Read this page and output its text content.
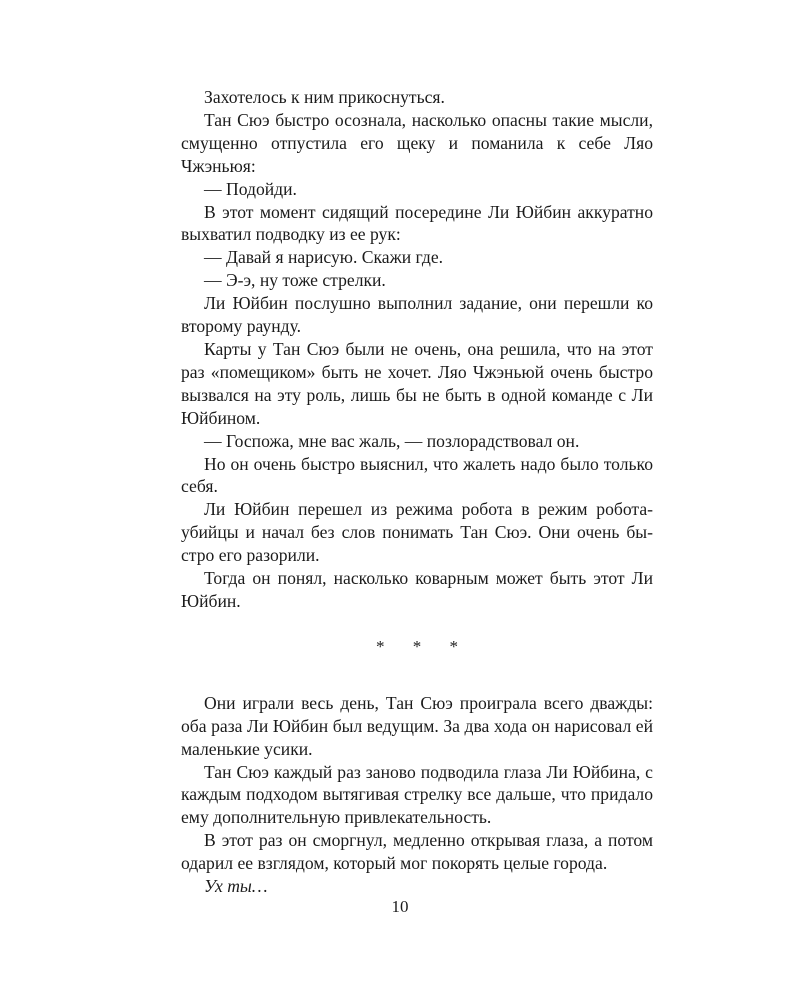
Захотелось к ним прикоснуться.

Тан Сюэ быстро осознала, насколько опасны такие мысли, смущенно отпустила его щеку и поманила к себе Ляо Чжэньюя:

— Подойди.

В этот момент сидящий посередине Ли Юйбин аккуратно выхватил подводку из ее рук:

— Давай я нарисую. Скажи где.

— Э-э, ну тоже стрелки.

Ли Юйбин послушно выполнил задание, они перешли ко второму раунду.

Карты у Тан Сюэ были не очень, она решила, что на этот раз «помещиком» быть не хочет. Ляо Чжэньюй очень быстро вызвался на эту роль, лишь бы не быть в одной команде с Ли Юйбином.

— Госпожа, мне вас жаль, — позлорадствовал он.

Но он очень быстро выяснил, что жалеть надо было только себя.

Ли Юйбин перешел из режима робота в режим робота-убийцы и начал без слов понимать Тан Сюэ. Они очень быстро его разорили.

Тогда он понял, насколько коварным может быть этот Ли Юйбин.

* * *

Они играли весь день, Тан Сюэ проиграла всего дважды: оба раза Ли Юйбин был ведущим. За два хода он нарисовал ей маленькие усики.

Тан Сюэ каждый раз заново подводила глаза Ли Юйбина, с каждым подходом вытягивая стрелку все дальше, что придало ему дополнительную привлекательность.

В этот раз он сморгнул, медленно открывая глаза, а потом одарил ее взглядом, который мог покорять целые города.

Ух ты…

10
